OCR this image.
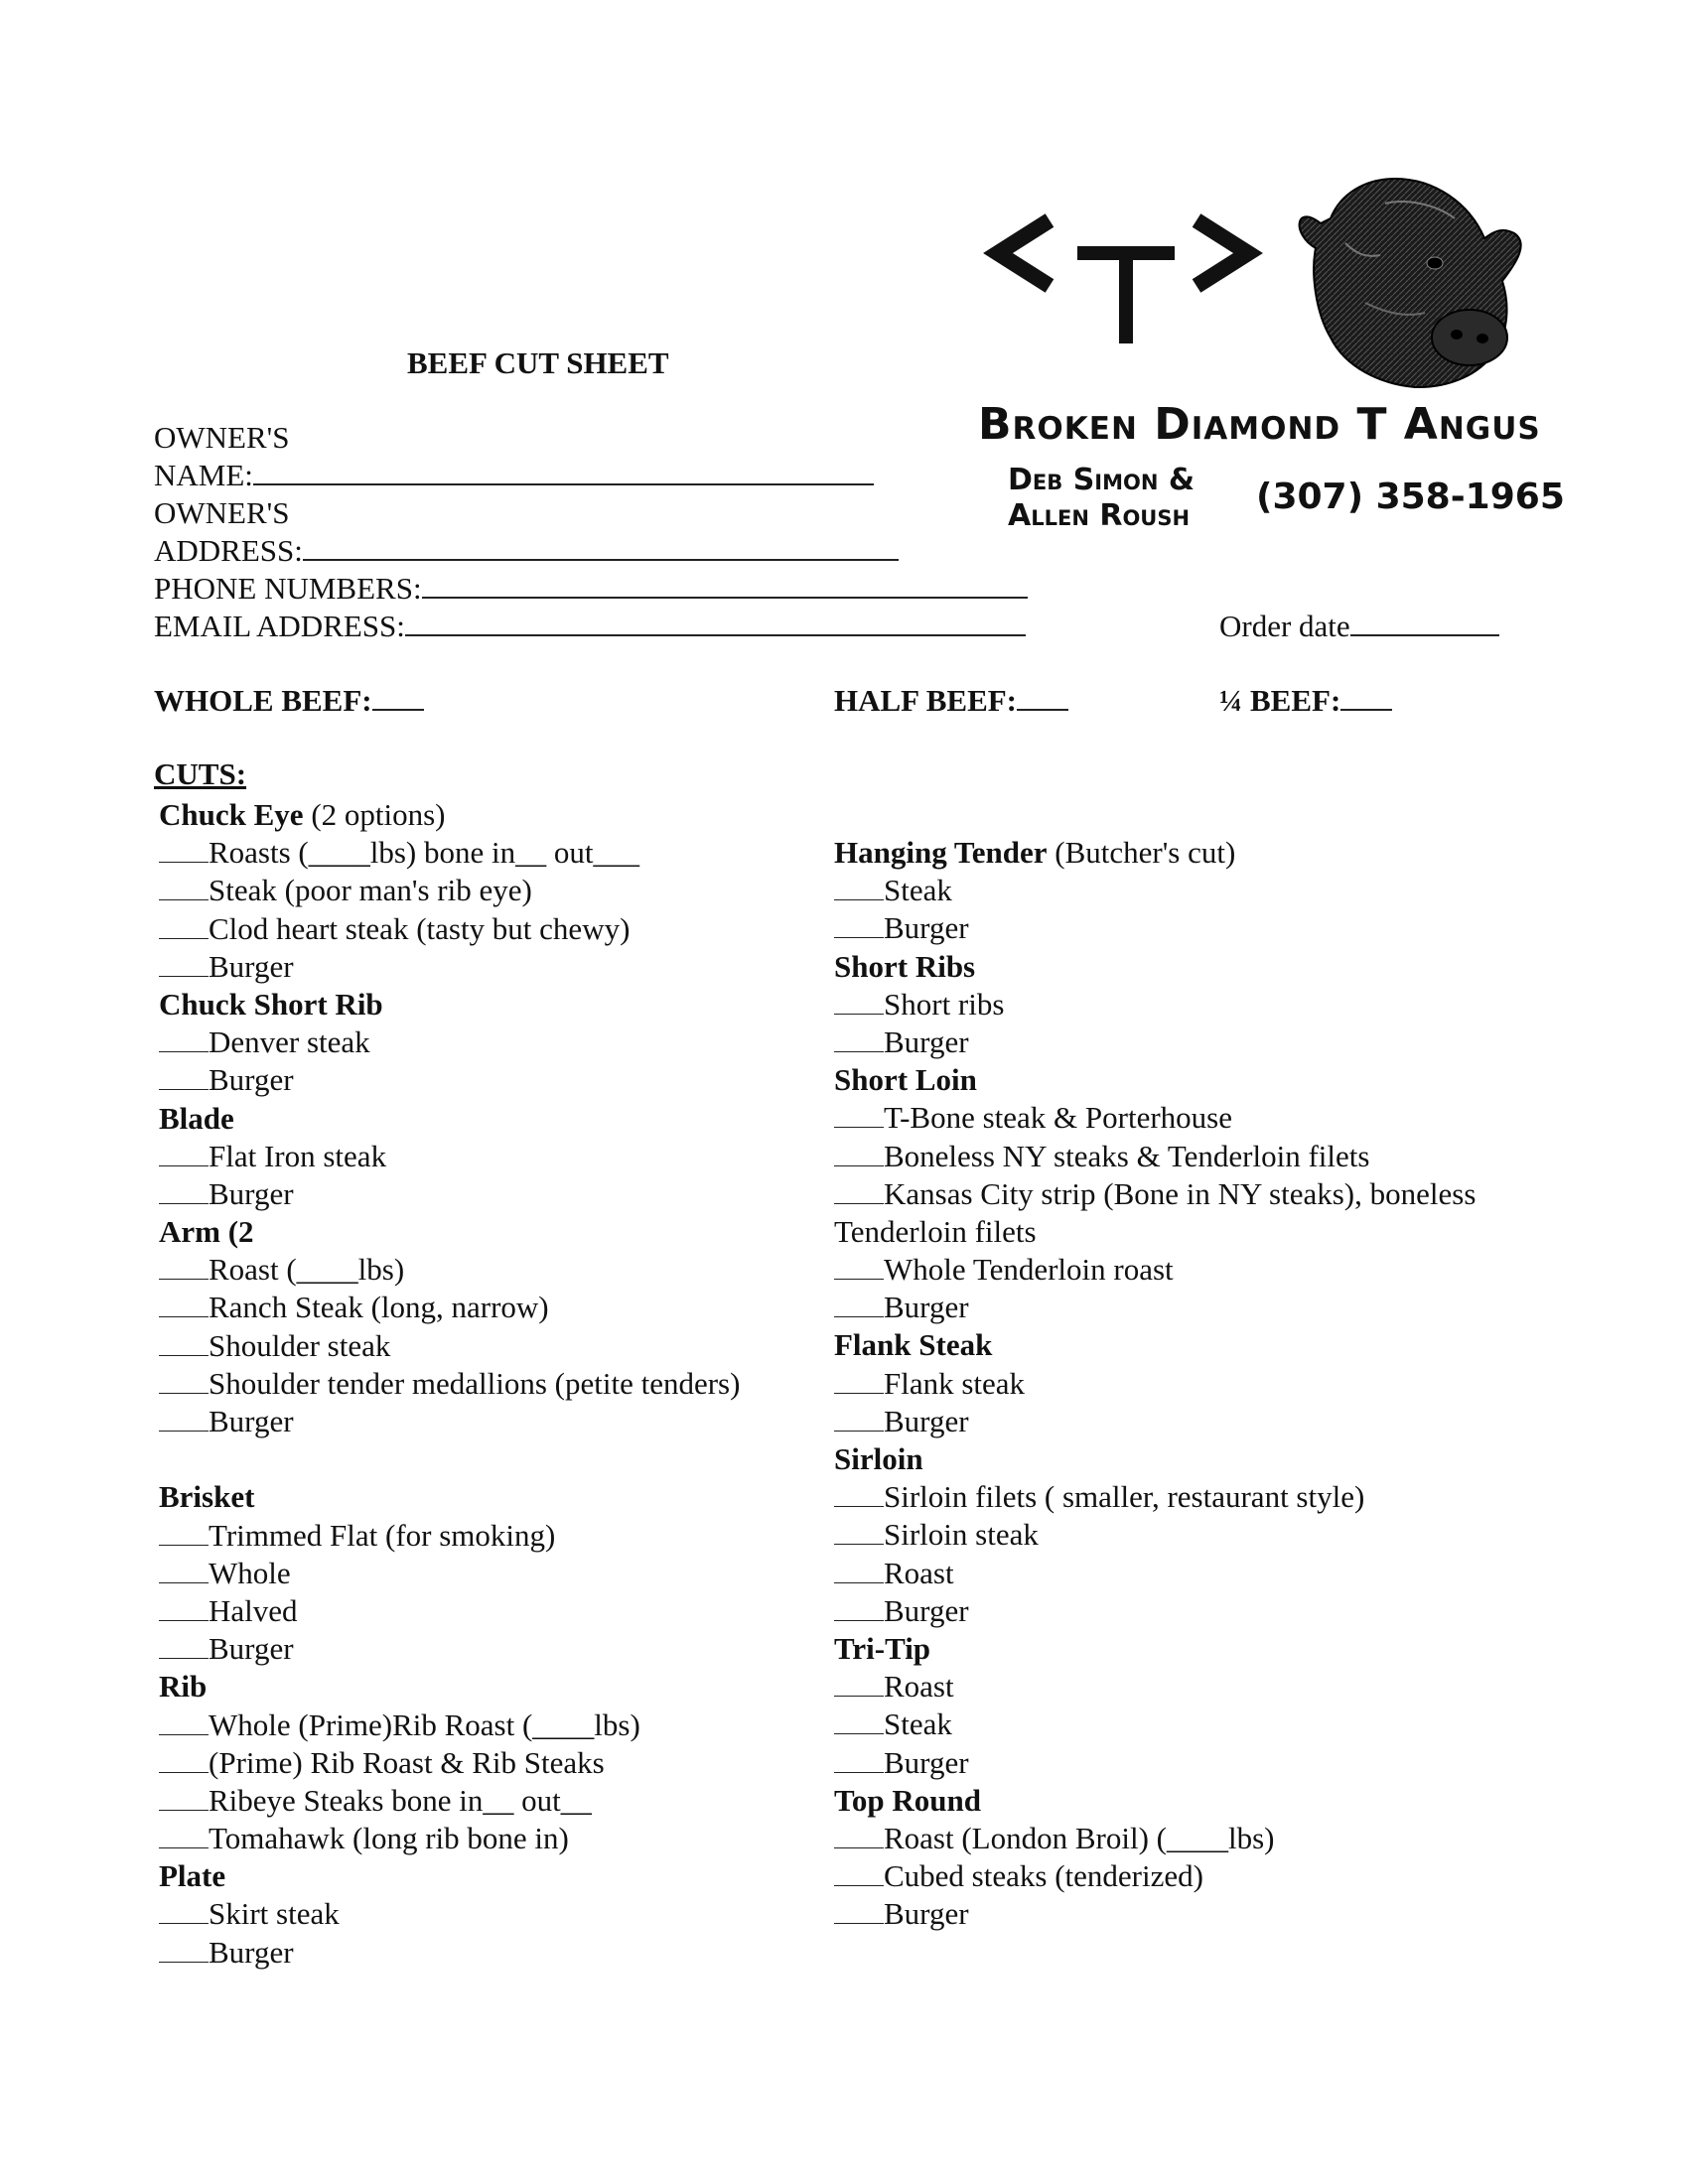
BEEF CUT SHEET
Broken Diamond T Angus
Deb Simon &
Allen Roush (307) 358-1965
OWNER'S
NAME:
OWNER'S
ADDRESS:
PHONE NUMBERS:
EMAIL ADDRESS:	Order date
WHOLE BEEF:	HALF BEEF:	¼ BEEF:
CUTS:
Chuck Eye (2 options)
Roasts (____lbs) bone in__ out___
Steak (poor man's rib eye)
Clod heart steak (tasty but chewy)
Burger
Chuck Short Rib
Denver steak
Burger
Blade
Flat Iron steak
Burger
Arm (2
Roast (____lbs)
Ranch Steak (long, narrow)
Shoulder steak
Shoulder tender medallions (petite tenders)
Burger
Brisket
Trimmed Flat (for smoking)
Whole
Halved
Burger
Rib
Whole (Prime)Rib Roast (____lbs)
(Prime) Rib Roast & Rib Steaks
Ribeye Steaks bone in__ out__
Tomahawk (long rib bone in)
Plate
Skirt steak
Burger
Hanging Tender (Butcher's cut)
Steak
Burger
Short Ribs
Short ribs
Burger
Short Loin
T-Bone steak & Porterhouse
Boneless NY steaks & Tenderloin filets
Kansas City strip (Bone in NY steaks), boneless
Tenderloin filets
Whole Tenderloin roast
Burger
Flank Steak
Flank steak
Burger
Sirloin
Sirloin filets ( smaller, restaurant style)
Sirloin steak
Roast
Burger
Tri-Tip
Roast
Steak
Burger
Top Round
Roast (London Broil) (____lbs)
Cubed steaks (tenderized)
Burger
